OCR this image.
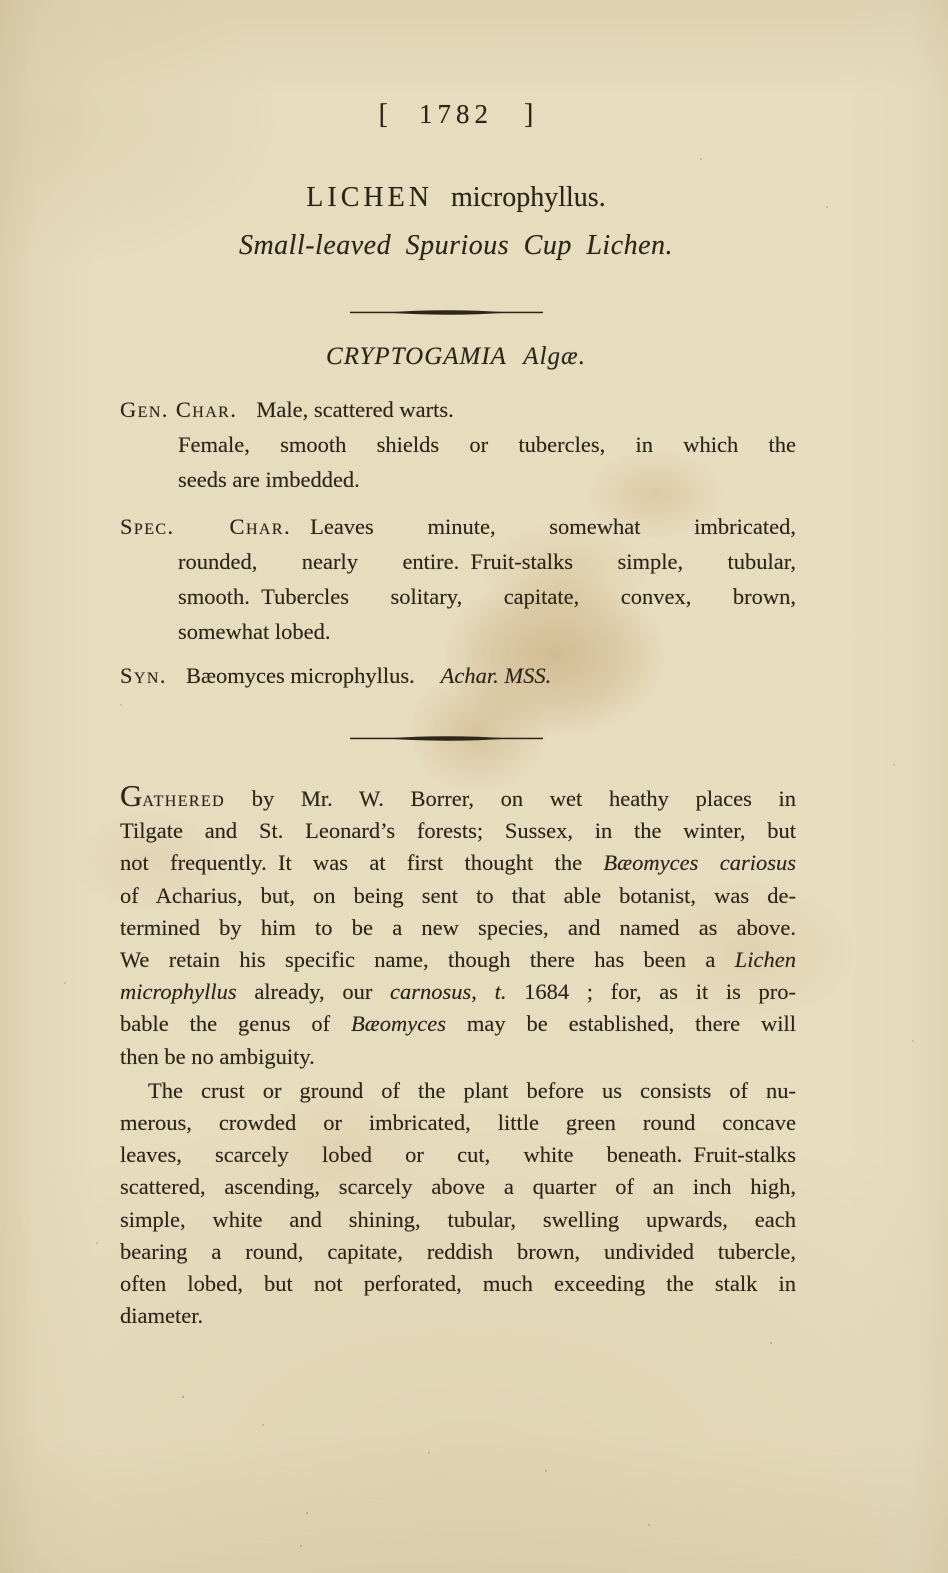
[ 1782 ]
LICHEN microphyllus.
Small-leaved Spurious Cup Lichen.
CRYPTOGAMIA Algæ.
Gen. Char. Male, scattered warts.
Female, smooth shields or tubercles, in which the
seeds are imbedded.
Spec. Char. Leaves minute, somewhat imbricated,
rounded, nearly entire. Fruit-stalks simple, tubular,
smooth. Tubercles solitary, capitate, convex, brown,
somewhat lobed.
Syn. Bæomyces microphyllus. Achar. MSS.
Gathered by Mr. W. Borrer, on wet heathy places in
Tilgate and St. Leonard’s forests; Sussex, in the winter, but
not frequently. It was at first thought the Bæomyces cariosus
of Acharius, but, on being sent to that able botanist, was de-
termined by him to be a new species, and named as above.
We retain his specific name, though there has been a Lichen
microphyllus already, our carnosus, t. 1684 ; for, as it is pro-
bable the genus of Bæomyces may be established, there will
then be no ambiguity.
The crust or ground of the plant before us consists of nu-
merous, crowded or imbricated, little green round concave
leaves, scarcely lobed or cut, white beneath. Fruit-stalks
scattered, ascending, scarcely above a quarter of an inch high,
simple, white and shining, tubular, swelling upwards, each
bearing a round, capitate, reddish brown, undivided tubercle,
often lobed, but not perforated, much exceeding the stalk in
diameter.
